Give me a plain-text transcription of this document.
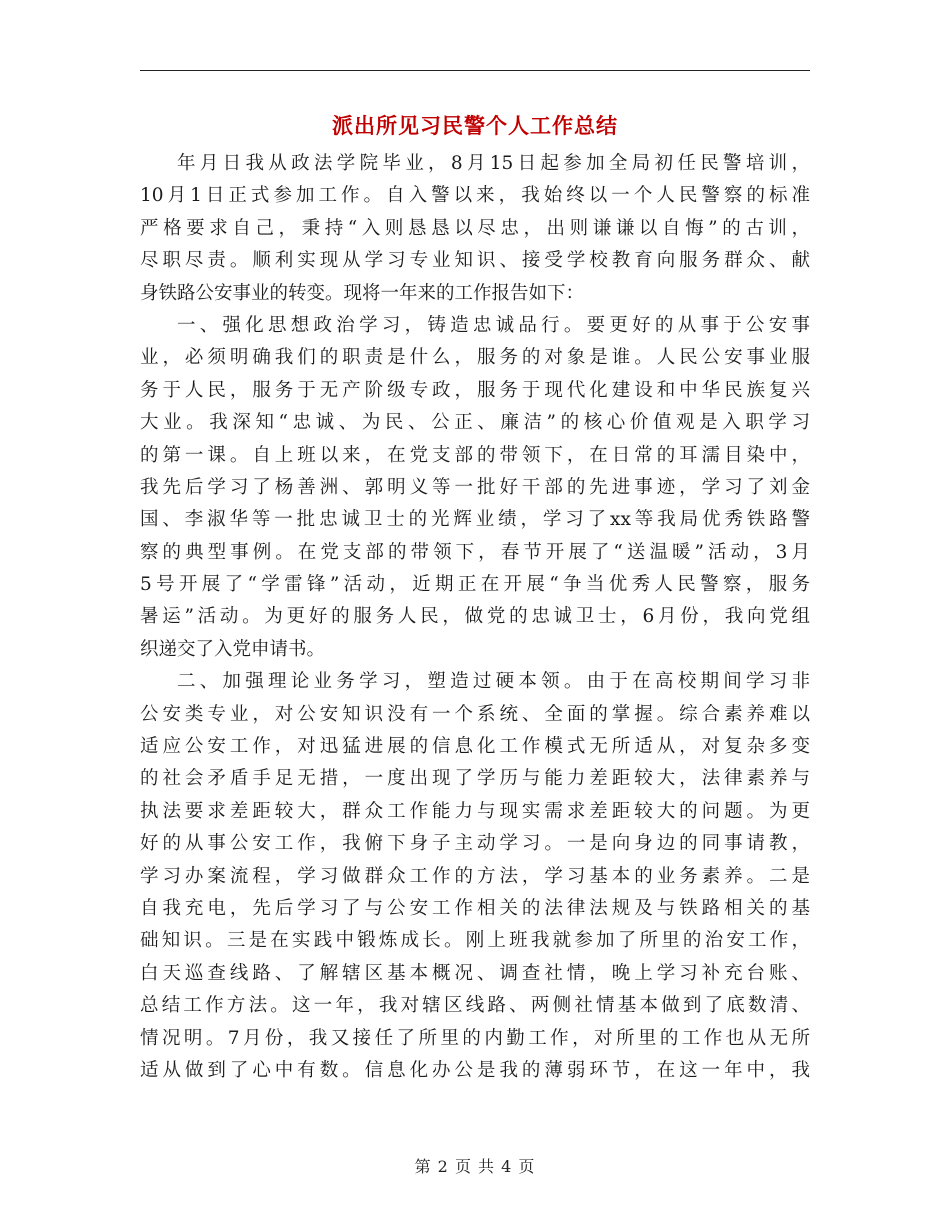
派出所见习民警个人工作总结
年月日我从政法学院毕业，8月15日起参加全局初任民警培训，
10月1日正式参加工作。自入警以来，我始终以一个人民警察的标准
严格要求自己，秉持“入则恳恳以尽忠，出则谦谦以自悔”的古训，
尽职尽责。顺利实现从学习专业知识、接受学校教育向服务群众、献
身铁路公安事业的转变。现将一年来的工作报告如下：
一、强化思想政治学习，铸造忠诚品行。要更好的从事于公安事
业，必须明确我们的职责是什么，服务的对象是谁。人民公安事业服
务于人民，服务于无产阶级专政，服务于现代化建设和中华民族复兴
大业。我深知“忠诚、为民、公正、廉洁”的核心价值观是入职学习
的第一课。自上班以来，在党支部的带领下，在日常的耳濡目染中，
我先后学习了杨善洲、郭明义等一批好干部的先进事迹，学习了刘金
国、李淑华等一批忠诚卫士的光辉业绩，学习了xx等我局优秀铁路警
察的典型事例。在党支部的带领下，春节开展了“送温暖”活动，3月
5号开展了“学雷锋”活动，近期正在开展“争当优秀人民警察，服务
暑运”活动。为更好的服务人民，做党的忠诚卫士，6月份，我向党组
织递交了入党申请书。
二、加强理论业务学习，塑造过硬本领。由于在高校期间学习非
公安类专业，对公安知识没有一个系统、全面的掌握。综合素养难以
适应公安工作，对迅猛进展的信息化工作模式无所适从，对复杂多变
的社会矛盾手足无措，一度出现了学历与能力差距较大，法律素养与
执法要求差距较大，群众工作能力与现实需求差距较大的问题。为更
好的从事公安工作，我俯下身子主动学习。一是向身边的同事请教，
学习办案流程，学习做群众工作的方法，学习基本的业务素养。二是
自我充电，先后学习了与公安工作相关的法律法规及与铁路相关的基
础知识。三是在实践中锻炼成长。刚上班我就参加了所里的治安工作，
白天巡查线路、了解辖区基本概况、调查社情，晚上学习补充台账、
总结工作方法。这一年，我对辖区线路、两侧社情基本做到了底数清、
情况明。7月份，我又接任了所里的内勤工作，对所里的工作也从无所
适从做到了心中有数。信息化办公是我的薄弱环节，在这一年中，我
第 2 页 共 4 页
